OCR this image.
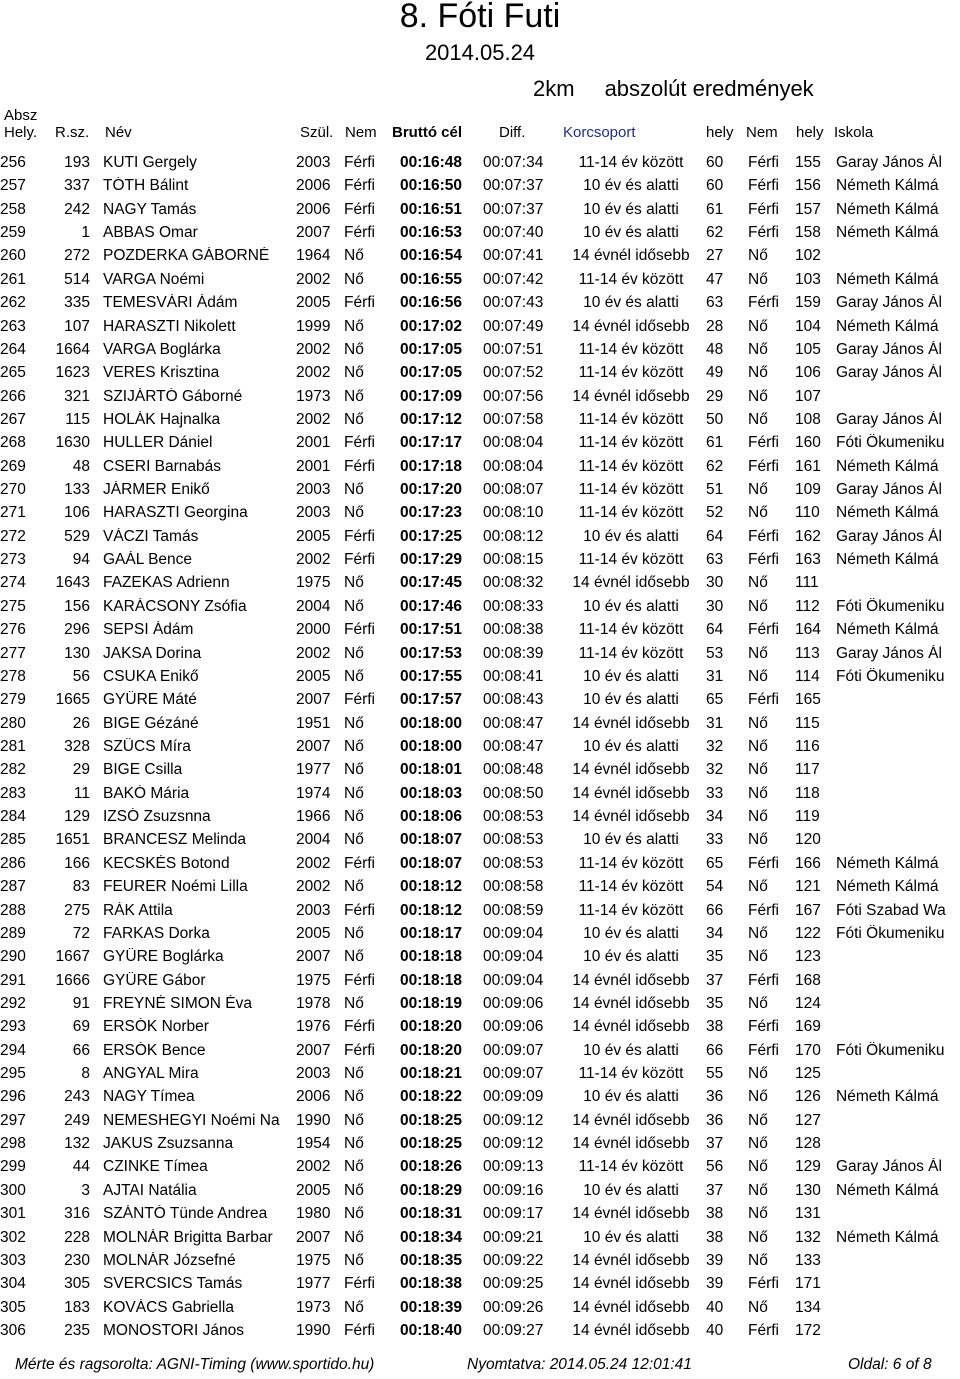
8. Fóti Futi
2014.05.24
2km abszolút eredmények
Absz
Hely. R.sz. Név	Szül. Nem Bruttó cél Diff.	Korcsoport	hely Nem hely Iskola
256	193 KUTI Gergely	2003 Férfi	00:16:48	00:07:34	11-14 év között	60	Férfi	155 Garay János Ál
257	337 TÓTH Bálint	2006 Férfi	00:16:50	00:07:37	10 év és alatti	60	Férfi	156 Németh Kálmá
258	242 NAGY Tamás	2006 Férfi	00:16:51	00:07:37	10 év és alatti	61	Férfi	157 Németh Kálmá
259	1 ABBAS Omar	2007 Férfi	00:16:53	00:07:40	10 év és alatti	62	Férfi	158 Németh Kálmá
260	272 POZDERKA GÁBORNÉ	1964 Nő	00:16:54	00:07:41	14 évnél idősebb	27	Nő	102
261	514 VARGA Noémi	2002 Nő	00:16:55	00:07:42	11-14 év között	47	Nő	103 Németh Kálmá
262	335 TEMESVÁRI Ádám	2005 Férfi	00:16:56	00:07:43	10 év és alatti	63	Férfi	159 Garay János Ál
263	107 HARASZTI Nikolett	1999 Nő	00:17:02	00:07:49	14 évnél idősebb	28	Nő	104 Németh Kálmá
264	1664 VARGA Boglárka	2002 Nő	00:17:05	00:07:51	11-14 év között	48	Nő	105 Garay János Ál
265	1623 VERES Krisztina	2002 Nő	00:17:05	00:07:52	11-14 év között	49	Nő	106 Garay János Ál
266	321 SZIJÁRTÓ Gáborné	1973 Nő	00:17:09	00:07:56	14 évnél idősebb	29	Nő	107
267	115 HOLÁK Hajnalka	2002 Nő	00:17:12	00:07:58	11-14 év között	50	Nő	108 Garay János Ál
268	1630 HULLER Dániel	2001 Férfi	00:17:17	00:08:04	11-14 év között	61	Férfi	160 Fóti Ökumeniku
269	48 CSERI Barnabás	2001 Férfi	00:17:18	00:08:04	11-14 év között	62	Férfi	161 Németh Kálmá
270	133 JÁRMER Enikő	2003 Nő	00:17:20	00:08:07	11-14 év között	51	Nő	109 Garay János Ál
271	106 HARASZTI Georgina	2003 Nő	00:17:23	00:08:10	11-14 év között	52	Nő	110	Németh Kálmá
272	529 VÁCZI Tamás	2005 Férfi	00:17:25	00:08:12	10 év és alatti	64	Férfi	162 Garay János Ál
273	94 GAÁL Bence	2002 Férfi	00:17:29	00:08:15	11-14 év között	63	Férfi	163 Németh Kálmá
274	1643 FAZEKAS Adrienn	1975 Nő	00:17:45	00:08:32	14 évnél idősebb	30	Nő	111
275	156 KARÁCSONY Zsófia	2004 Nő	00:17:46	00:08:33	10 év és alatti	30	Nő	112	Fóti Ökumeniku
276	296 SEPSI Ádám	2000 Férfi	00:17:51	00:08:38	11-14 év között	64	Férfi	164 Németh Kálmá
277	130 JAKSA Dorina	2002 Nő	00:17:53	00:08:39	11-14 év között	53	Nő	113	Garay János Ál
278	56 CSUKA Enikő	2005 Nő	00:17:55	00:08:41	10 év és alatti	31	Nő	114	Fóti Ökumeniku
279	1665 GYÜRE Máté	2007 Férfi	00:17:57	00:08:43	10 év és alatti	65	Férfi	165
280	26 BIGE Gézáné	1951 Nő	00:18:00	00:08:47	14 évnél idősebb	31	Nő	115
281	328 SZÜCS Míra	2007 Nő	00:18:00	00:08:47	10 év és alatti	32	Nő	116
282	29 BIGE Csilla	1977 Nő	00:18:01	00:08:48	14 évnél idősebb	32	Nő	117
283	11 BAKÓ Mária	1974 Nő	00:18:03	00:08:50	14 évnél idősebb	33	Nő	118
284	129 IZSÓ Zsuzsnna	1966 Nő	00:18:06	00:08:53	14 évnél idősebb	34	Nő	119
285	1651 BRANCESZ Melinda	2004 Nő	00:18:07	00:08:53	10 év és alatti	33	Nő	120
286	166 KECSKÉS Botond	2002 Férfi	00:18:07	00:08:53	11-14 év között	65	Férfi	166 Németh Kálmá
287	83 FEURER Noémi Lilla	2002 Nő	00:18:12	00:08:58	11-14 év között	54	Nő	121 Németh Kálmá
288	275 RÁK Attila	2003 Férfi	00:18:12	00:08:59	11-14 év között	66	Férfi	167 Fóti Szabad Wa
289	72 FARKAS Dorka	2005 Nő	00:18:17	00:09:04	10 év és alatti	34	Nő	122 Fóti Ökumeniku
290	1667 GYÜRE Boglárka	2007 Nő	00:18:18	00:09:04	10 év és alatti	35	Nő	123
291	1666 GYÜRE Gábor	1975 Férfi	00:18:18	00:09:04	14 évnél idősebb	37	Férfi	168
292	91 FREYNÉ SIMON Éva	1978 Nő	00:18:19	00:09:06	14 évnél idősebb	35	Nő	124
293	69 ERSÓK Norber	1976 Férfi	00:18:20	00:09:06	14 évnél idősebb	38	Férfi	169
294	66 ERSÓK Bence	2007 Férfi	00:18:20	00:09:07	10 év és alatti	66	Férfi	170 Fóti Ökumeniku
295	8 ANGYAL Mira	2003 Nő	00:18:21	00:09:07	11-14 év között	55	Nő	125
296	243 NAGY Tímea	2006 Nő	00:18:22	00:09:09	10 év és alatti	36	Nő	126 Németh Kálmá
297	249 NEMESHEGYI Noémi Na	1990 Nő	00:18:25	00:09:12	14 évnél idősebb	36	Nő	127
298	132 JAKUS Zsuzsanna	1954 Nő	00:18:25	00:09:12	14 évnél idősebb	37	Nő	128
299	44 CZINKE Tímea	2002 Nő	00:18:26	00:09:13	11-14 év között	56	Nő	129 Garay János Ál
300	3 AJTAI Natália	2005 Nő	00:18:29	00:09:16	10 év és alatti	37	Nő	130 Németh Kálmá
301	316 SZÁNTÓ Tünde Andrea	1980 Nő	00:18:31	00:09:17	14 évnél idősebb	38	Nő	131
302	228 MOLNÁR Brigitta Barbar	2007 Nő	00:18:34	00:09:21	10 év és alatti	38	Nő	132 Németh Kálmá
303	230 MOLNÁR Józsefné	1975 Nő	00:18:35	00:09:22	14 évnél idősebb	39	Nő	133
304	305 SVERCSICS Tamás	1977 Férfi	00:18:38	00:09:25	14 évnél idősebb	39	Férfi	171
305	183 KOVÁCS Gabriella	1973 Nő	00:18:39	00:09:26	14 évnél idősebb	40	Nő	134
306	235 MONOSTORI János	1990 Férfi	00:18:40	00:09:27	14 évnél idősebb	40	Férfi	172
Mérte és ragsorolta: AGNI-Timing (www.sportido.hu)	Nyomtatva: 2014.05.24 12:01:41	Oldal: 6 of 8
